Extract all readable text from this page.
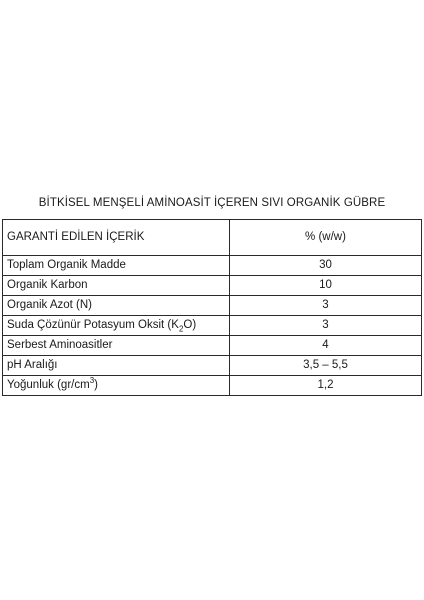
BİTKİSEL MENŞELİ AMİNOASİT İÇEREN SIVI ORGANİK GÜBRE
GARANTİ EDİLEN İÇERİK	% (w/w)
Toplam Organik Madde	30
Organik Karbon	10
Organik Azot (N)	3
Suda Çözünür Potasyum Oksit $(K_2O)$	3
Serbest Aminoasitler	4
pH Aralığı	3,5 – 5,5
Yoğunluk $(gr/cm^3)$	1,2
